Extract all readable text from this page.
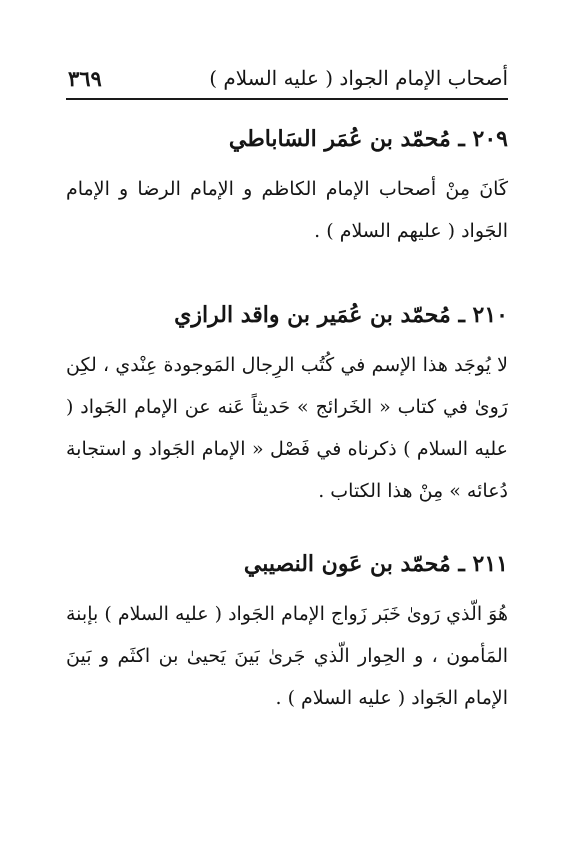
أصحاب الإمام الجواد ( عليه السلام )
٣٦٩
٢٠٩ ـ مُحمّد بن عُمَر السَاباطي

كَانَ مِنْ أصحاب الإمام الكاظم و الإمام الرضا و الإمام الجَواد ( عليهم السلام ) .

٢١٠ ـ مُحمّد بن عُمَير بن واقد الرازي

لا يُوجَد هذا الإسم في كُتُب الرِجال المَوجودة عِنْدي ، لكِن رَوىٰ في كتاب « الخَرائج » حَديثاً عَنه عن الإمام الجَواد ( عليه السلام ) ذكرناه في فَصْل « الإمام الجَواد و استجابة دُعائه » مِنْ هذا الكتاب .

٢١١ ـ مُحمّد بن عَون النصيبي

هُوَ الّذي رَوىٰ خَبَر زَواج الإمام الجَواد ( عليه السلام ) بإبنة المَأمون ، و الحِوار الّذي جَرىٰ بَينَ يَحيىٰ بن اكثَم و بَينَ الإمام الجَواد ( عليه السلام ) .
